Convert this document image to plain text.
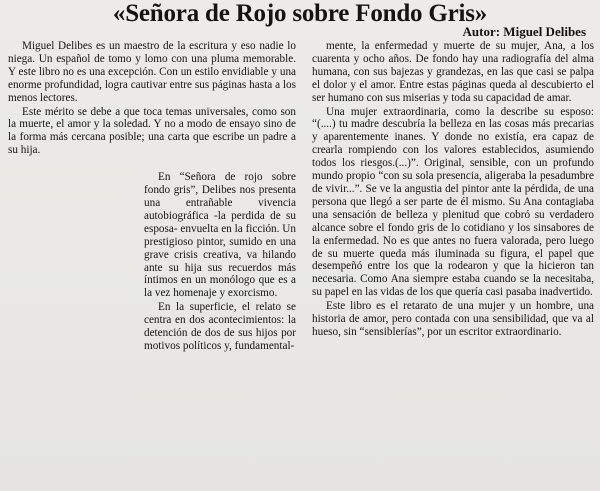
«Señora de Rojo sobre Fondo Gris»
Autor: Miguel Delibes

Miguel Delibes es un maestro de la escritura y eso nadie lo niega. Un español de tomo y lomo con una pluma memorable. Y este libro no es una excepción. Con un estilo envidiable y una enorme profundidad, logra cautivar entre sus páginas hasta a los menos lectores.

Este mérito se debe a que toca temas universales, como son la muerte, el amor y la soledad. Y no a modo de ensayo sino de la forma más cercana posible; una carta que escribe un padre a su hija.

En “Señora de rojo sobre fondo gris”, Delibes nos presenta una entrañable vivencia autobiográfica -la perdida de su esposa- envuelta en la ficción. Un prestigioso pintor, sumido en una grave crisis creativa, va hilando ante su hija sus recuerdos más íntimos en un monólogo que es a la vez homenaje y exorcismo.

En la superficie, el relato se centra en dos acontecimientos: la detención de dos de sus hijos por motivos políticos y, fundamental-

mente, la enfermedad y muerte de su mujer, Ana, a los cuarenta y ocho años. De fondo hay una radiografía del alma humana, con sus bajezas y grandezas, en las que casi se palpa el dolor y el amor. Entre estas páginas queda al descubierto el ser humano con sus miserias y toda su capacidad de amar.

Una mujer extraordinaria, como la describe su esposo: “(....) tu madre descubría la belleza en las cosas más precarias y aparentemente inanes. Y donde no existía, era capaz de crearla rompiendo con los valores establecidos, asumiendo todos los riesgos.(...)”. Original, sensible, con un profundo mundo propio “con su sola presencia, aligeraba la pesadumbre de vivir...”. Se ve la angustia del pintor ante la pérdida, de una persona que llegó a ser parte de él mismo. Su Ana contagiaba una sensación de belleza y plenitud que cobró su verdadero alcance sobre el fondo gris de lo cotidiano y los sinsabores de la enfermedad. No es que antes no fuera valorada, pero luego de su muerte queda más iluminada su figura, el papel que desempeñó entre los que la rodearon y que la hicieron tan necesaria. Como Ana siempre estaba cuando se la necesitaba, su papel en las vidas de los que quería casi pasaba inadvertido.

Este libro es el retarato de una mujer y un hombre, una historia de amor, pero contada con una sensibilidad, que va al hueso, sin “sensiblerías”, por un escritor extraordinario.
